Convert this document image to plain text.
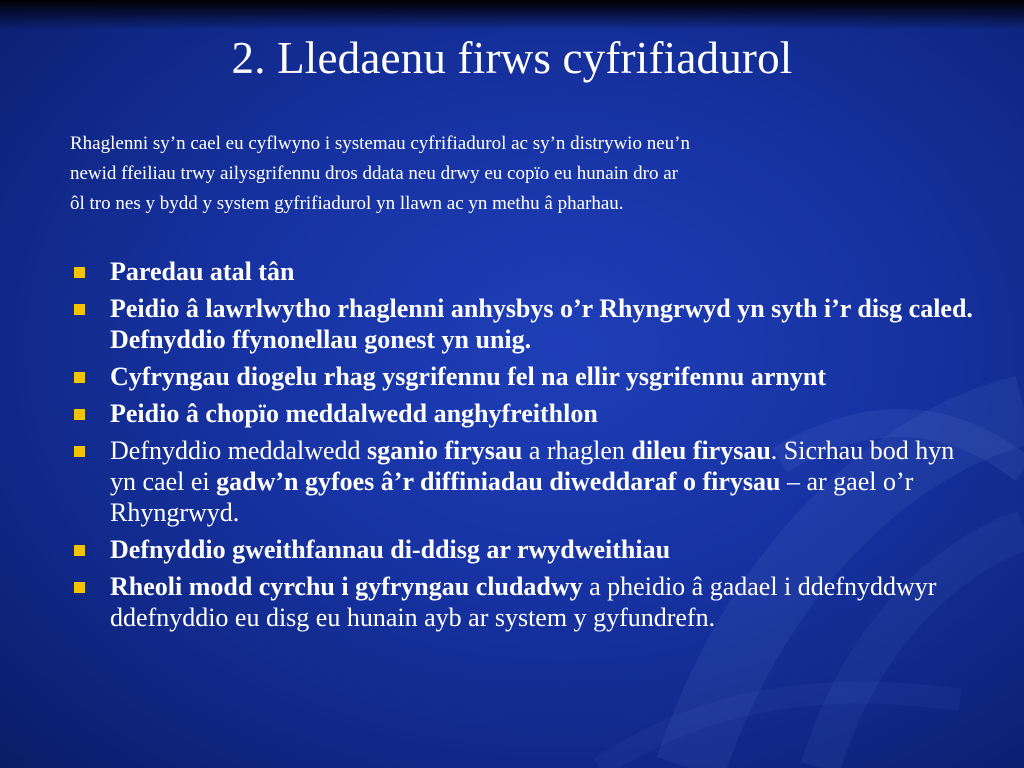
2. Lledaenu firws cyfrifiadurol

Rhaglenni sy’n cael eu cyflwyno i systemau cyfrifiadurol ac sy’n distrywio neu’n
newid ffeiliau trwy ailysgrifennu dros ddata neu drwy eu copïo eu hunain dro ar
ôl tro nes y bydd y system gyfrifiadurol yn llawn ac yn methu â pharhau.

Paredau atal tân
Peidio â lawrlwytho rhaglenni anhysbys o’r Rhyngrwyd yn syth i’r disg caled. Defnyddio ffynonellau gonest yn unig.
Cyfryngau diogelu rhag ysgrifennu fel na ellir ysgrifennu arnynt
Peidio â chopïo meddalwedd anghyfreithlon
Defnyddio meddalwedd sganio firysau a rhaglen dileu firysau. Sicrhau bod hyn yn cael ei gadw’n gyfoes â’r diffiniadau diweddaraf o firysau – ar gael o’r Rhyngrwyd.
Defnyddio gweithfannau di-ddisg ar rwydweithiau
Rheoli modd cyrchu i gyfryngau cludadwy a pheidio â gadael i ddefnyddwyr ddefnyddio eu disg eu hunain ayb ar system y gyfundrefn.
